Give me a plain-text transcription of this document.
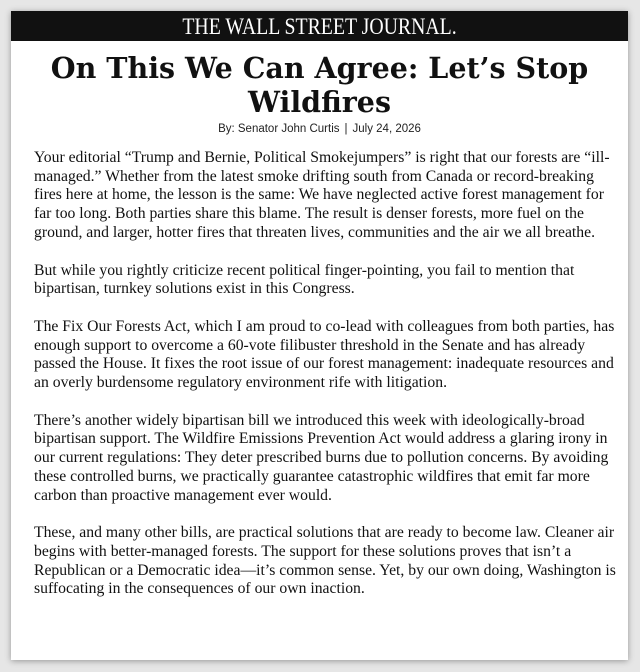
THE WALL STREET JOURNAL.
On This We Can Agree: Let’s Stop Wildfires
By: Senator John Curtis | July 24, 2026

Your editorial “Trump and Bernie, Political Smokejumpers” is right that our forests are “ill-managed.” Whether from the latest smoke drifting south from Canada or record-breaking fires here at home, the lesson is the same: We have neglected active forest management for far too long. Both parties share this blame. The result is denser forests, more fuel on the ground, and larger, hotter fires that threaten lives, communities and the air we all breathe.

But while you rightly criticize recent political finger-pointing, you fail to mention that bipartisan, turnkey solutions exist in this Congress.

The Fix Our Forests Act, which I am proud to co-lead with colleagues from both parties, has enough support to overcome a 60-vote filibuster threshold in the Senate and has already passed the House. It fixes the root issue of our forest management: inadequate resources and an overly burdensome regulatory environment rife with litigation.

There’s another widely bipartisan bill we introduced this week with ideologically-broad bipartisan support. The Wildfire Emissions Prevention Act would address a glaring irony in our current regulations: They deter prescribed burns due to pollution concerns. By avoiding these controlled burns, we practically guarantee catastrophic wildfires that emit far more carbon than proactive management ever would.

These, and many other bills, are practical solutions that are ready to become law. Cleaner air begins with better-managed forests. The support for these solutions proves that isn’t a Republican or a Democratic idea—it’s common sense. Yet, by our own doing, Washington is suffocating in the consequences of our own inaction.
